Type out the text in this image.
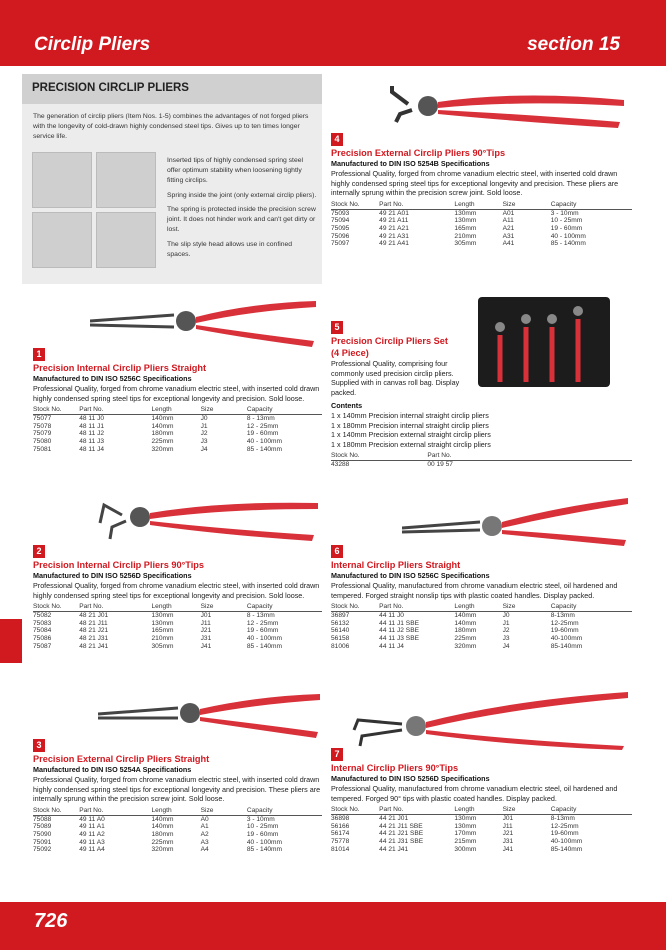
Circlip Pliers	section 15
PRECISION CIRCLIP PLIERS
The generation of circlip pliers (Item Nos. 1-5) combines the advantages of not forged pliers with the longevity of cold-drawn highly condensed steel tips. Gives up to ten times longer service life.

Inserted tips of highly condensed spring steel offer optimum stability when loosening tightly fitting circlips.

Spring inside the joint (only external circlip pliers).

The spring is protected inside the precision screw joint. It does not hinder work and can't get dirty or lost.

The slip style head allows use in confined spaces.

1
Precision Internal Circlip Pliers Straight
Manufactured to DIN ISO 5256C Specifications
Professional Quality, forged from chrome vanadium electric steel, with inserted cold drawn highly condensed spring steel tips for exceptional longevity and precision. Sold loose.
Stock No.	Part No.	Length	Size	Capacity
75077	48 11 J0	140mm	J0	8 - 13mm
75078	48 11 J1	140mm	J1	12 - 25mm
75079	48 11 J2	180mm	J2	19 - 60mm
75080	48 11 J3	225mm	J3	40 - 100mm
75081	48 11 J4	320mm	J4	85 - 140mm
2
Precision Internal Circlip Pliers 90°Tips
Manufactured to DIN ISO 5256D Specifications
Professional Quality, forged from chrome vanadium electric steel, with inserted cold drawn highly condensed spring steel tips for exceptional longevity and precision. Sold loose.
Stock No.	Part No.	Length	Size	Capacity
75082	48 21 J01	130mm	J01	8 - 13mm
75083	48 21 J11	130mm	J11	12 - 25mm
75084	48 21 J21	165mm	J21	19 - 60mm
75086	48 21 J31	210mm	J31	40 - 100mm
75087	48 21 J41	305mm	J41	85 - 140mm
3
Precision External Circlip Pliers Straight
Manufactured to DIN ISO 5254A Specifications
Professional Quality, forged from chrome vanadium electric steel, with inserted cold drawn highly condensed spring steel tips for exceptional longevity and precision. These pliers are internally sprung within the precision screw joint. Sold loose.
Stock No.	Part No.	Length	Size	Capacity
75088	49 11 A0	140mm	A0	3 - 10mm
75089	49 11 A1	140mm	A1	10 - 25mm
75090	49 11 A2	180mm	A2	19 - 60mm
75091	49 11 A3	225mm	A3	40 - 100mm
75092	49 11 A4	320mm	A4	85 - 140mm
4
Precision External Circlip Pliers 90°Tips
Manufactured to DIN ISO 5254B Specifications
Professional Quality, forged from chrome vanadium electric steel, with inserted cold drawn highly condensed spring steel tips for exceptional longevity and precision. These pliers are internally sprung within the precision screw joint. Sold loose.
Stock No.	Part No.	Length	Size	Capacity
75093	49 21 A01	130mm	A01	3 - 10mm
75094	49 21 A11	130mm	A11	10 - 25mm
75095	49 21 A21	165mm	A21	19 - 60mm
75096	49 21 A31	210mm	A31	40 - 100mm
75097	49 21 A41	305mm	A41	85 - 140mm
5
Precision Circlip Pliers Set
(4 Piece)
Professional Quality, comprising four commonly used precision circlip pliers. Supplied with in canvas roll bag. Display packed.
Contents
1 x 140mm Precision internal straight circlip pliers
1 x 180mm Precision internal straight circlip pliers
1 x 140mm Precision external straight circlip pliers
1 x 180mm Precision external straight circlip pliers
Stock No.	Part No.
43288	00 19 57
6
Internal Circlip Pliers Straight
Manufactured to DIN ISO 5256C Specifications
Professional Quality, manufactured from chrome vanadium electric steel, oil hardened and tempered. Forged straight nonslip tips with plastic coated handles. Display packed.
Stock No.	Part No.	Length	Size	Capacity
36897	44 11 J0	140mm	J0	8-13mm
56132	44 11 J1 SBE	140mm	J1	12-25mm
56140	44 11 J2 SBE	180mm	J2	19-60mm
56158	44 11 J3 SBE	225mm	J3	40-100mm
81006	44 11 J4	320mm	J4	85-140mm
7
Internal Circlip Pliers 90°Tips
Manufactured to DIN ISO 5256D Specifications
Professional Quality, manufactured from chrome vanadium electric steel, oil hardened and tempered. Forged 90° tips with plastic coated handles. Display packed.
Stock No.	Part No.	Length	Size	Capacity
36898	44 21 J01	130mm	J01	8-13mm
56166	44 21 J11 SBE	130mm	J11	12-25mm
56174	44 21 J21 SBE	170mm	J21	19-60mm
75778	44 21 J31 SBE	215mm	J31	40-100mm
81014	44 21 J41	300mm	J41	85-140mm
726
